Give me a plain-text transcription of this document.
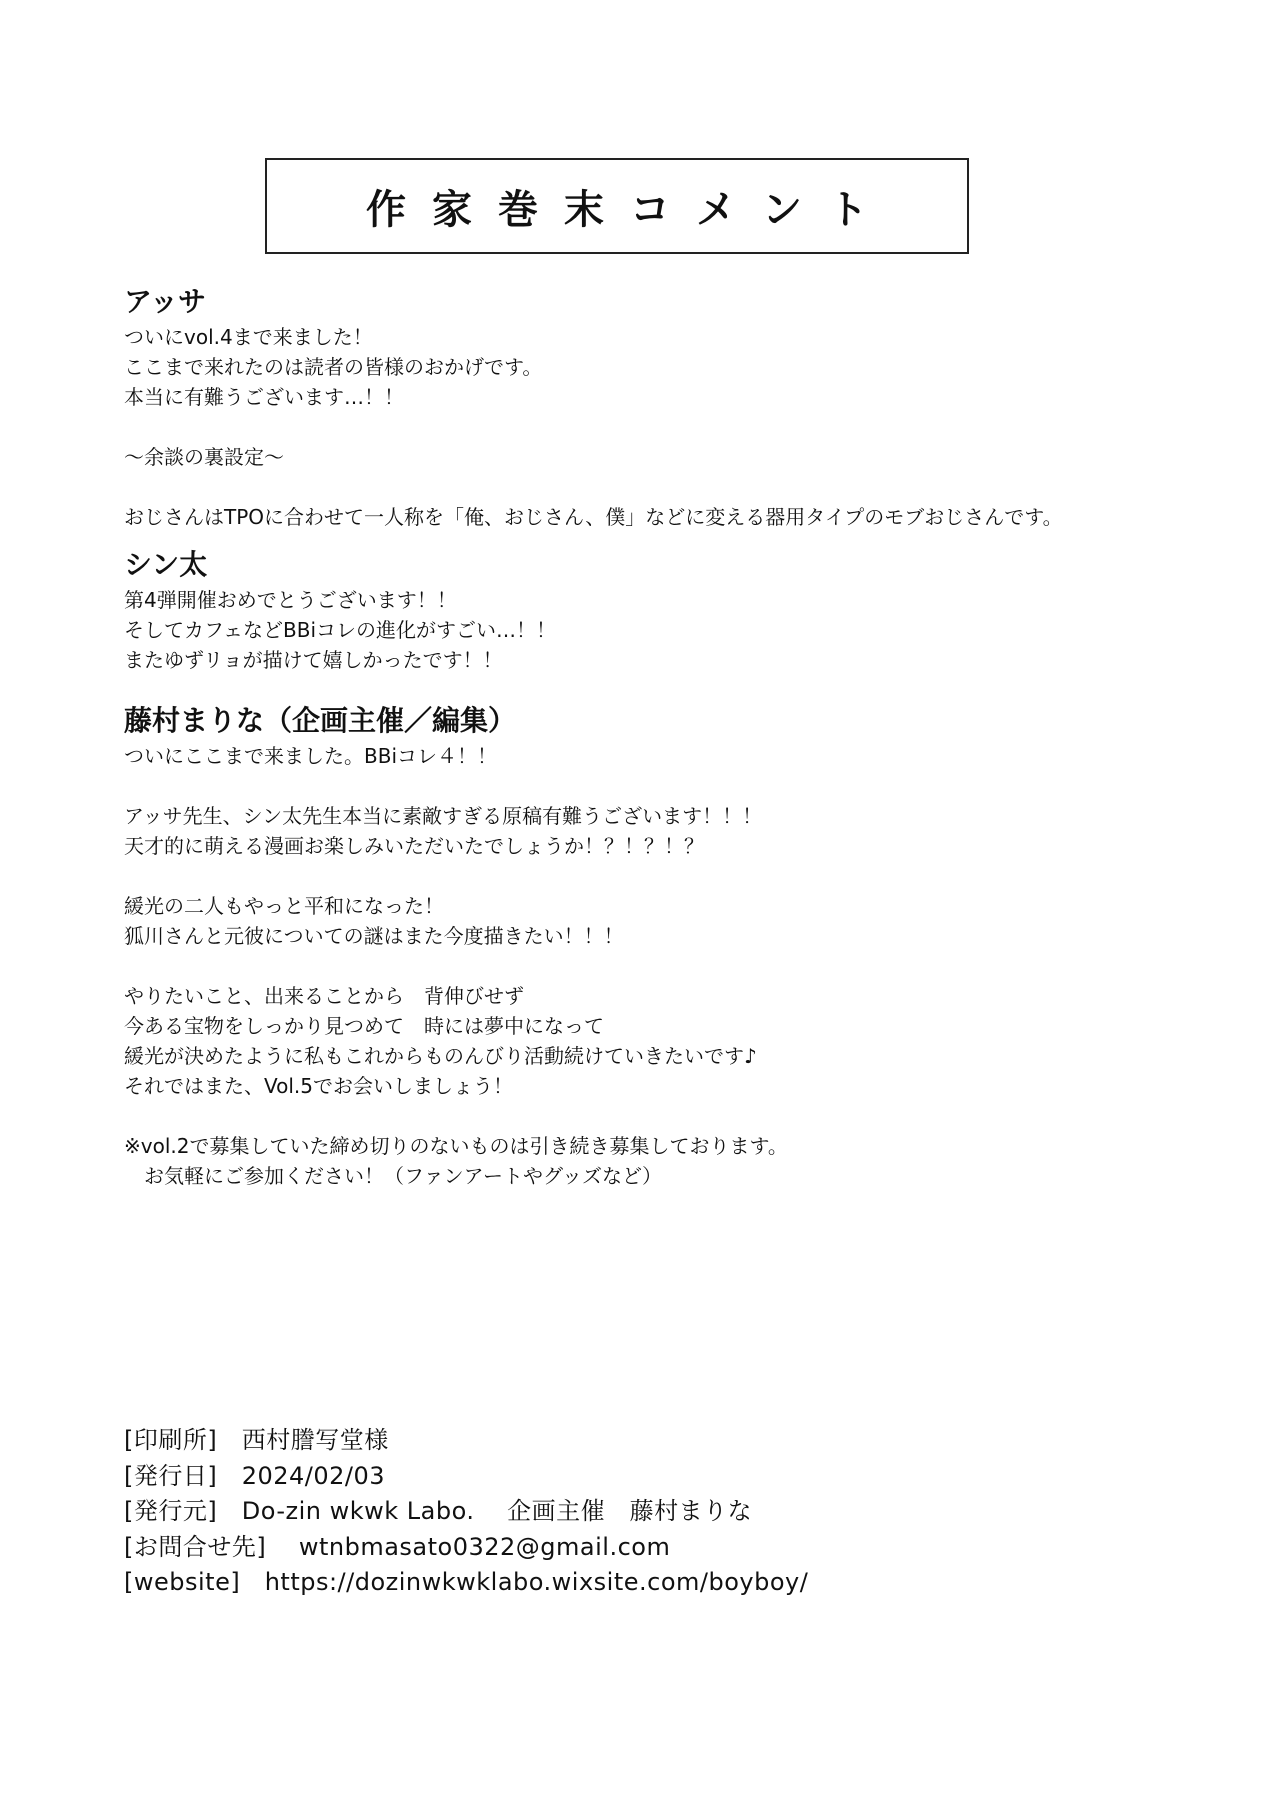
作家巻末コメント
アッサ
ついにvol.4まで来ました！
ここまで来れたのは読者の皆様のおかげです。
本当に有難うございます…！！
～余談の裏設定～
おじさんはTPOに合わせて一人称を「俺、おじさん、僕」などに変える器用タイプのモブおじさんです。
シン太
第4弾開催おめでとうございます！！
そしてカフェなどBBiコレの進化がすごい…！！
またゆずリョが描けて嬉しかったです！！
藤村まりな（企画主催／編集）
ついにここまで来ました。BBiコレ４！！
アッサ先生、シン太先生本当に素敵すぎる原稿有難うございます！！！
天才的に萌える漫画お楽しみいただいたでしょうか！？！？！？
緩光の二人もやっと平和になった！
狐川さんと元彼についての謎はまた今度描きたい！！！
やりたいこと、出来ることから　背伸びせず
今ある宝物をしっかり見つめて　時には夢中になって
緩光が決めたように私もこれからものんびり活動続けていきたいです♪
それではまた、Vol.5でお会いしましょう！
※vol.2で募集していた締め切りのないものは引き続き募集しております。
　お気軽にご参加ください！（ファンアートやグッズなど）
[印刷所]　西村謄写堂様
[発行日]　2024/02/03
[発行元]　Do-zin wkwk Labo.　 企画主催　藤村まりな
[お問合せ先]　 wtnbmasato0322@gmail.com
[website]　https://dozinwkwklabo.wixsite.com/boyboy/
